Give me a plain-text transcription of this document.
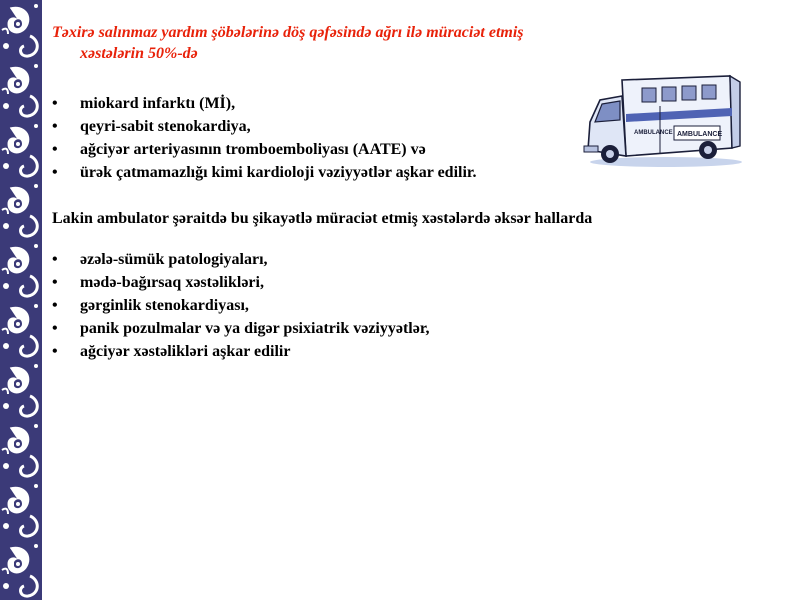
Təxirə salınmaz yardım şöbələrinə döş qəfəsində ağrı ilə müraciət etmiş
xəstələrin 50%-də
• miokard infarktı (Mİ),
• qeyri-sabit stenokardiya,
• ağciyər arteriyasının tromboemboliyası (AATE) və
• ürək çatmamazlığı kimi kardioloji vəziyyətlər aşkar edilir.
Lakin ambulator şəraitdə bu şikayətlə müraciət etmiş xəstələrdə əksər hallarda
• əzələ-sümük patologiyaları,
• mədə-bağırsaq xəstəlikləri,
• gərginlik stenokardiyası,
• panik pozulmalar və ya digər psixiatrik vəziyyətlər,
• ağciyər xəstəlikləri aşkar edilir
AMBULANCE AMBULANCE
